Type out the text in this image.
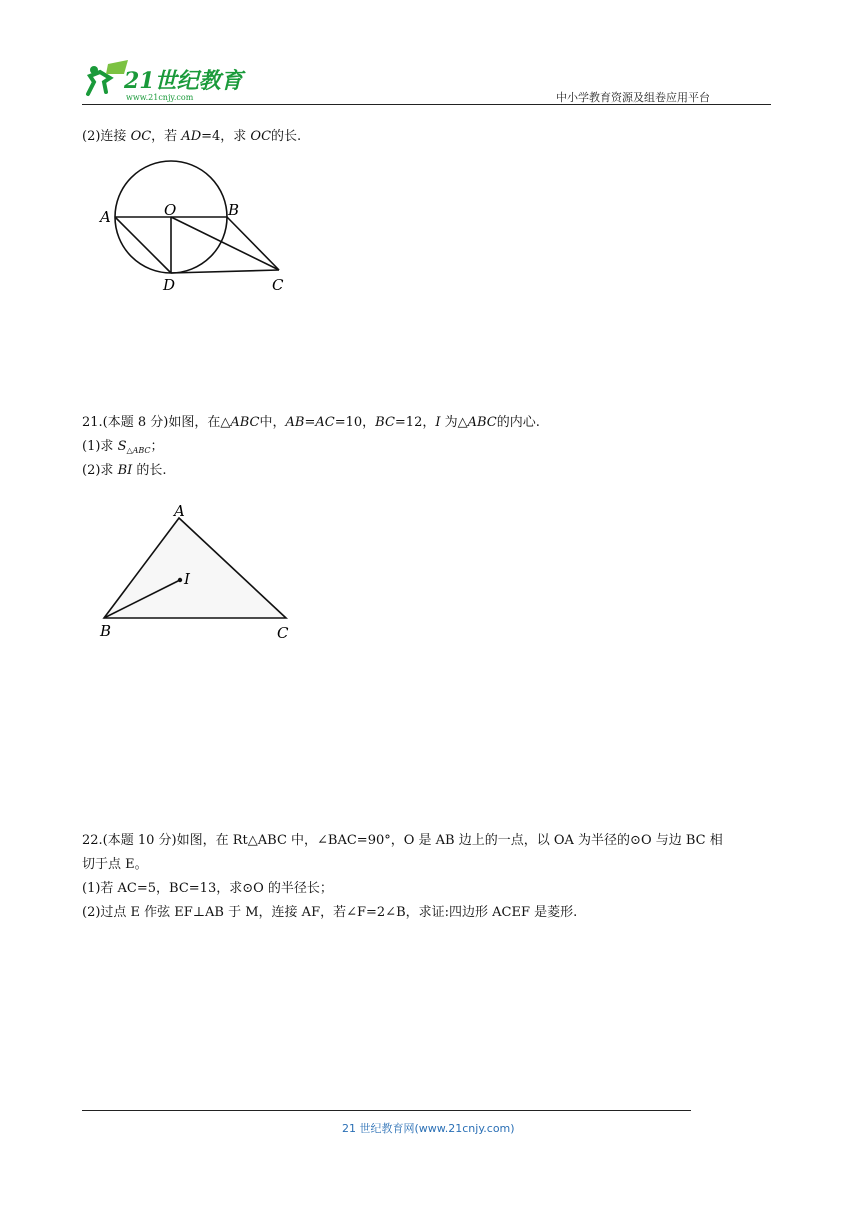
21世纪教育
www.21cnjy.com	中小学教育资源及组卷应用平台
(2)连接 OC，若 AD=4，求 OC的长.
A	O	B
D	C
21.(本题 8 分)如图，在△ABC中，AB=AC=10，BC=12，I 为△ABC的内心.
(1)求 $S_{\triangle ABC}$；
(2)求 BI 的长.
A
I
B	C
22.(本题 10 分)如图，在 Rt△ABC 中，∠BAC=90°，O 是 AB 边上的一点，以 OA 为半径的⊙O 与边 BC 相
切于点 E。
(1)若 AC=5，BC=13，求⊙O 的半径长；
(2)过点 E 作弦 EF⊥AB 于 M，连接 AF，若∠F=2∠B，求证:四边形 ACEF 是菱形.
21 世纪教育网(www.21cnjy.com)
